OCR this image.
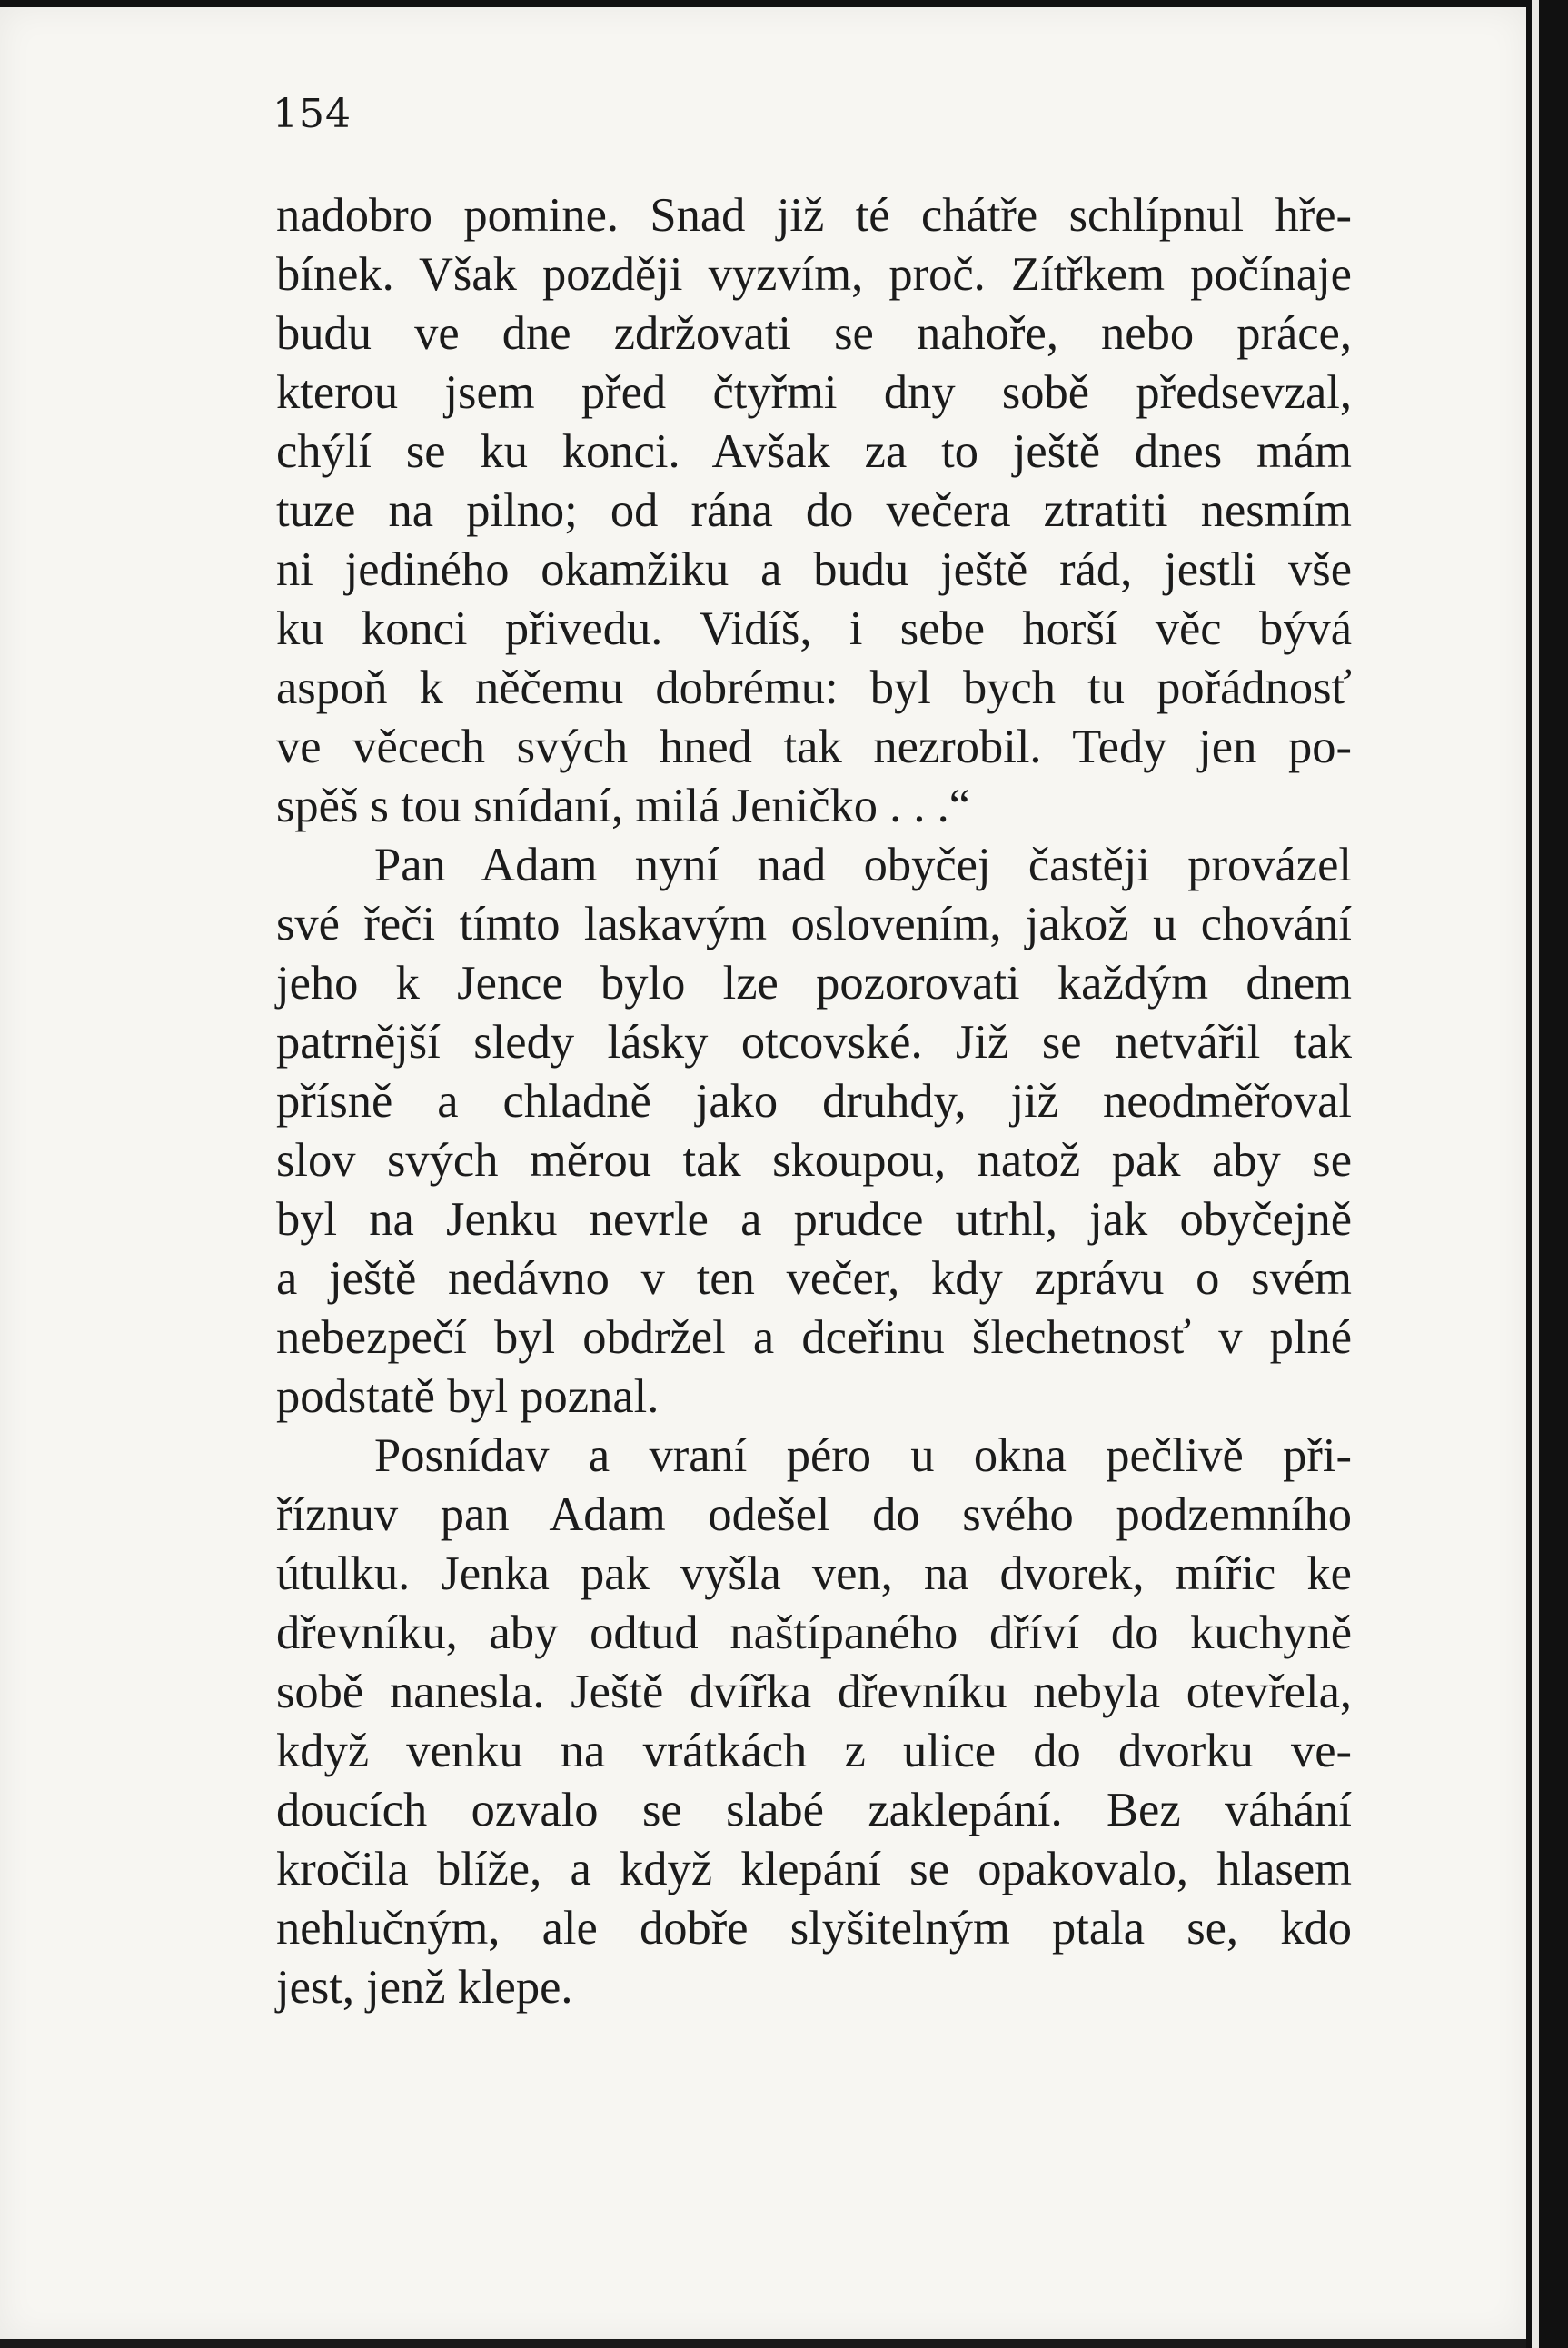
154
nadobro pomine. Snad již té chátře schlípnul hře-
bínek. Však později vyzvím, proč. Zítřkem počínaje
budu ve dne zdržovati se nahoře, nebo práce,
kterou jsem před čtyřmi dny sobě předsevzal,
chýlí se ku konci. Avšak za to ještě dnes mám
tuze na pilno; od rána do večera ztratiti nesmím
ni jediného okamžiku a budu ještě rád, jestli vše
ku konci přivedu. Vidíš, i sebe horší věc bývá
aspoň k něčemu dobrému: byl bych tu pořádnosť
ve věcech svých hned tak nezrobil. Tedy jen po-
spěš s tou snídaní, milá Jeničko . . .“
Pan Adam nyní nad obyčej častěji provázel
své řeči tímto laskavým oslovením, jakož u chování
jeho k Jence bylo lze pozorovati každým dnem
patrnější sledy lásky otcovské. Již se netvářil tak
přísně a chladně jako druhdy, již neodměřoval
slov svých měrou tak skoupou, natož pak aby se
byl na Jenku nevrle a prudce utrhl, jak obyčejně
a ještě nedávno v ten večer, kdy zprávu o svém
nebezpečí byl obdržel a dceřinu šlechetnosť v plné
podstatě byl poznal.
Posnídav a vraní péro u okna pečlivě při-
říznuv pan Adam odešel do svého podzemního
útulku. Jenka pak vyšla ven, na dvorek, mířic ke
dřevníku, aby odtud naštípaného dříví do kuchyně
sobě nanesla. Ještě dvířka dřevníku nebyla otevřela,
když venku na vrátkách z ulice do dvorku ve-
doucích ozvalo se slabé zaklepání. Bez váhání
kročila blíže, a když klepání se opakovalo, hlasem
nehlučným, ale dobře slyšitelným ptala se, kdo
jest, jenž klepe.
